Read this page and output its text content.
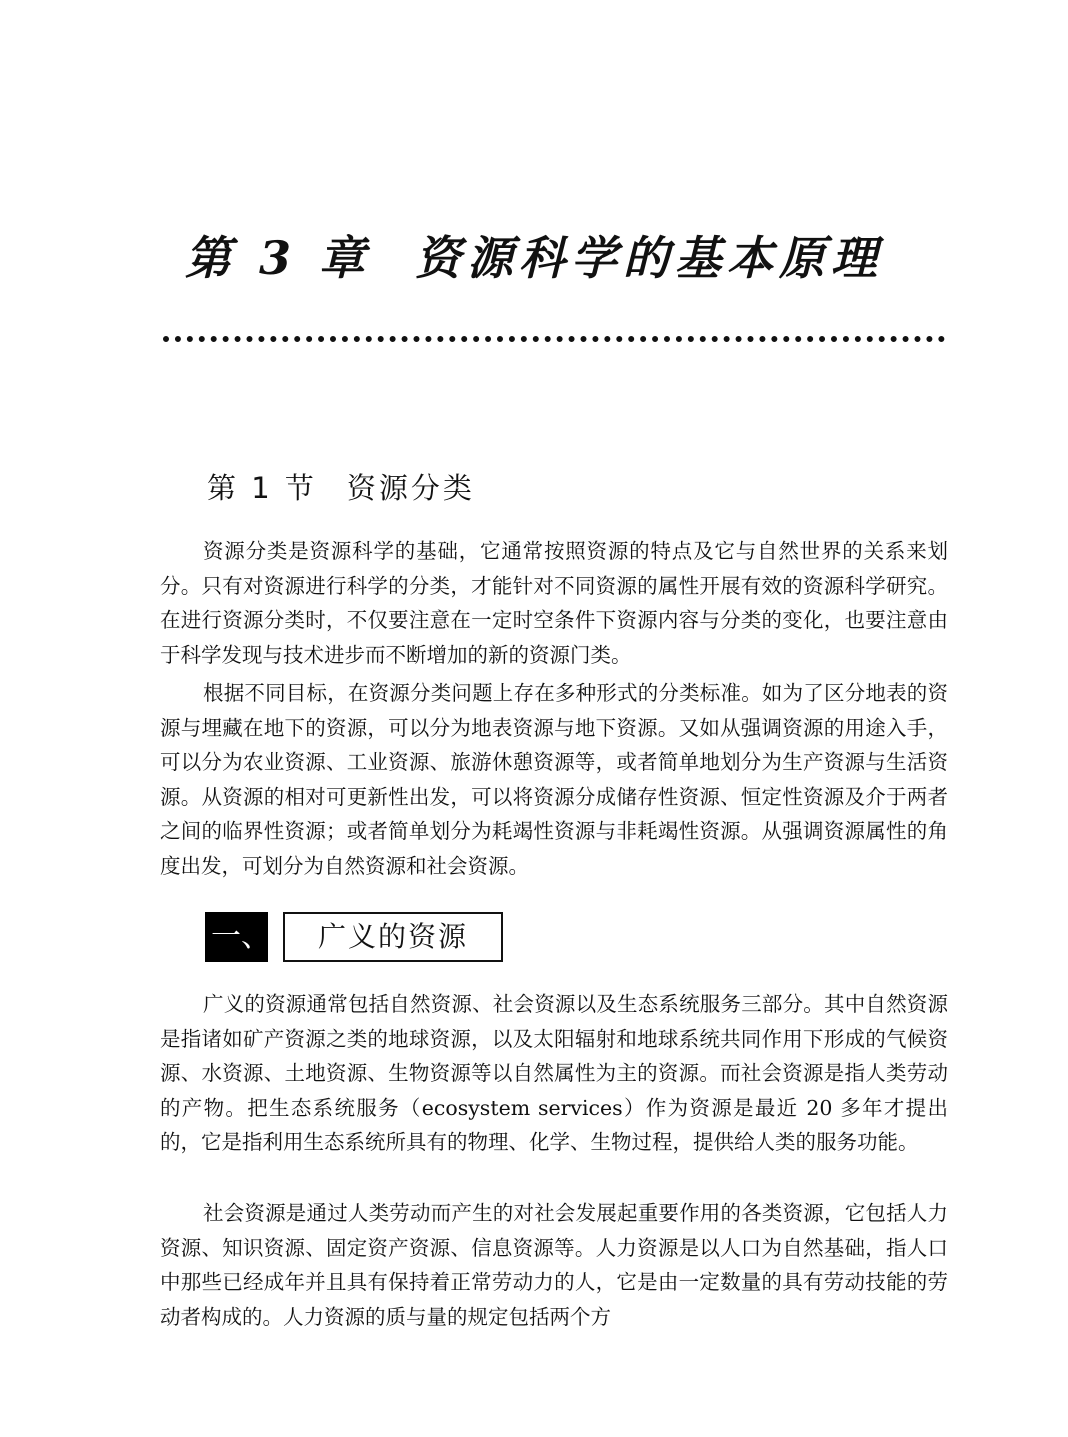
第 3 章 资源科学的基本原理
第 1 节 资源分类

资源分类是资源科学的基础，它通常按照资源的特点及它与自然世界的关系来划分。只有对资源进行科学的分类，才能针对不同资源的属性开展有效的资源科学研究。在进行资源分类时，不仅要注意在一定时空条件下资源内容与分类的变化，也要注意由于科学发现与技术进步而不断增加的新的资源门类。

根据不同目标，在资源分类问题上存在多种形式的分类标准。如为了区分地表的资源与埋藏在地下的资源，可以分为地表资源与地下资源。又如从强调资源的用途入手，可以分为农业资源、工业资源、旅游休憩资源等，或者简单地划分为生产资源与生活资源。从资源的相对可更新性出发，可以将资源分成储存性资源、恒定性资源及介于两者之间的临界性资源；或者简单划分为耗竭性资源与非耗竭性资源。从强调资源属性的角度出发，可划分为自然资源和社会资源。

一、	广义的资源

广义的资源通常包括自然资源、社会资源以及生态系统服务三部分。其中自然资源是指诸如矿产资源之类的地球资源，以及太阳辐射和地球系统共同作用下形成的气候资源、水资源、土地资源、生物资源等以自然属性为主的资源。而社会资源是指人类劳动的产物。把生态系统服务（ecosystem services）作为资源是最近 20 多年才提出的，它是指利用生态系统所具有的物理、化学、生物过程，提供给人类的服务功能。

社会资源是通过人类劳动而产生的对社会发展起重要作用的各类资源，它包括人力资源、知识资源、固定资产资源、信息资源等。人力资源是以人口为自然基础，指人口中那些已经成年并且具有保持着正常劳动力的人，它是由一定数量的具有劳动技能的劳动者构成的。人力资源的质与量的规定包括两个方
